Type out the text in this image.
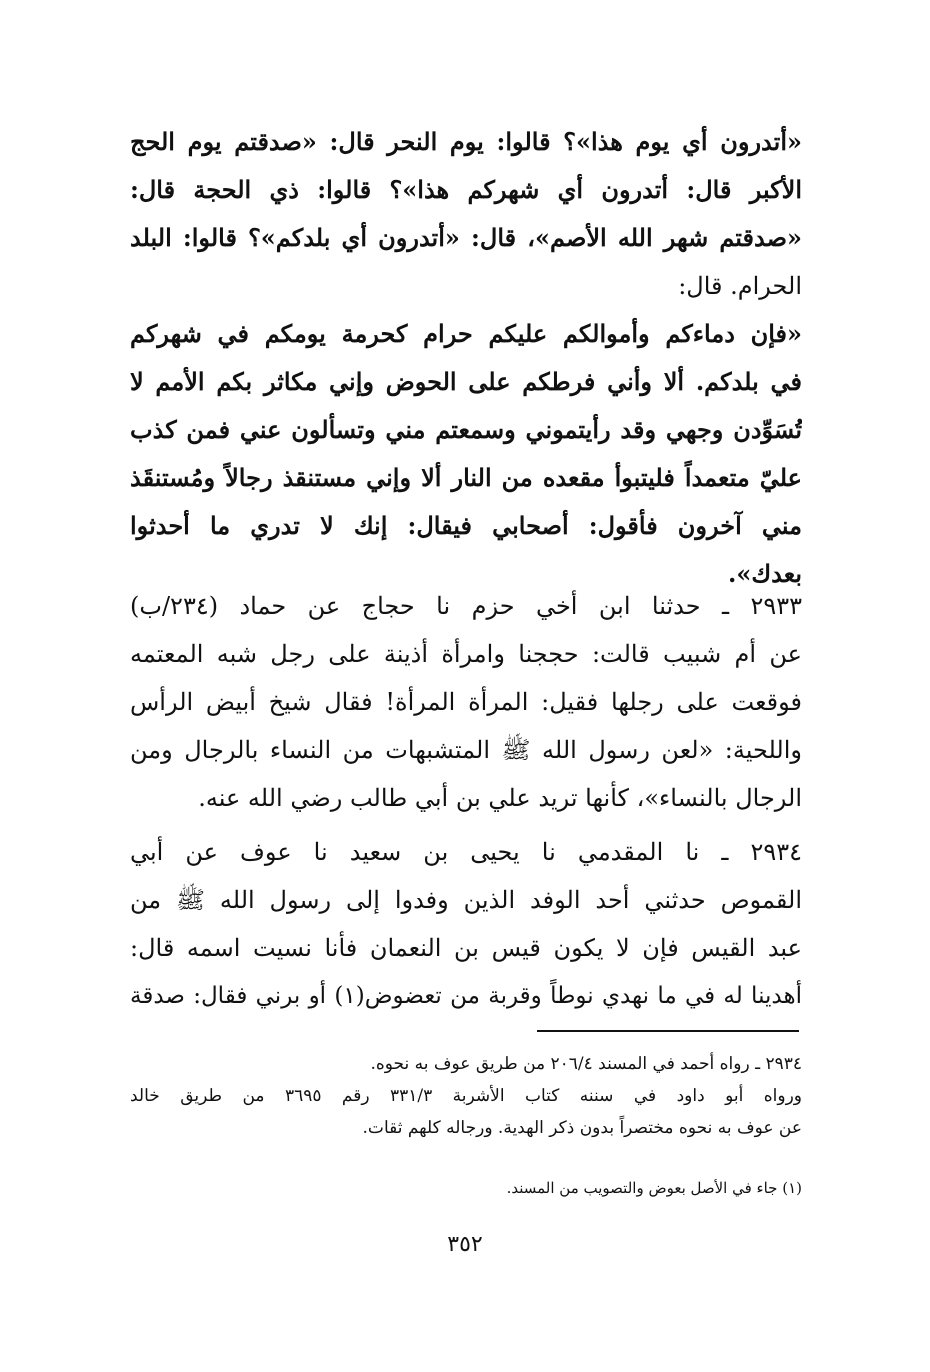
«أتدرون أي يوم هذا»؟ قالوا: يوم النحر قال: «صدقتم يوم الحج
الأكبر قال: أتدرون أي شهركم هذا»؟ قالوا: ذي الحجة قال:
«صدقتم شهر الله الأصم»، قال: «أتدرون أي بلدكم»؟ قالوا: البلد
الحرام. قال:
«فإن دماءكم وأموالكم عليكم حرام كحرمة يومكم في شهركم
في بلدكم. ألا وأني فرطكم على الحوض وإني مكاثر بكم الأمم لا
تُسَوِّدن وجهي وقد رأيتموني وسمعتم مني وتسألون عني فمن كذب
عليّ متعمداً فليتبوأ مقعده من النار ألا وإني مستنقذ رجالاً ومُستنقَذ
مني آخرون فأقول: أصحابي فيقال: إنك لا تدري ما أحدثوا
بعدك».
٢٩٣٣ ـ حدثنا ابن أخي حزم نا حجاج عن حماد (٢٣٤/ب)
عن أم شبيب قالت: حججنا وامرأة أذينة على رجل شبه المعتمه
فوقعت على رجلها فقيل: المرأة المرأة! فقال شيخ أبيض الرأس
واللحية: «لعن رسول الله ﷺ المتشبهات من النساء بالرجال ومن
الرجال بالنساء»، كأنها تريد علي بن أبي طالب رضي الله عنه.
٢٩٣٤ ـ نا المقدمي نا يحيى بن سعيد نا عوف عن أبي
القموص حدثني أحد الوفد الذين وفدوا إلى رسول الله ﷺ من
عبد القيس فإن لا يكون قيس بن النعمان فأنا نسيت اسمه قال:
أهدينا له في ما نهدي نوطاً وقربة من تعضوض(١) أو برني فقال: صدقة
٢٩٣٤ ـ رواه أحمد في المسند ٢٠٦/٤ من طريق عوف به نحوه.
ورواه أبو داود في سننه كتاب الأشربة ٣٣١/٣ رقم ٣٦٩٥ من طريق خالد
عن عوف به نحوه مختصراً بدون ذكر الهدية. ورجاله كلهم ثقات.
(١) جاء في الأصل بعوض والتصويب من المسند.
٣٥٢
